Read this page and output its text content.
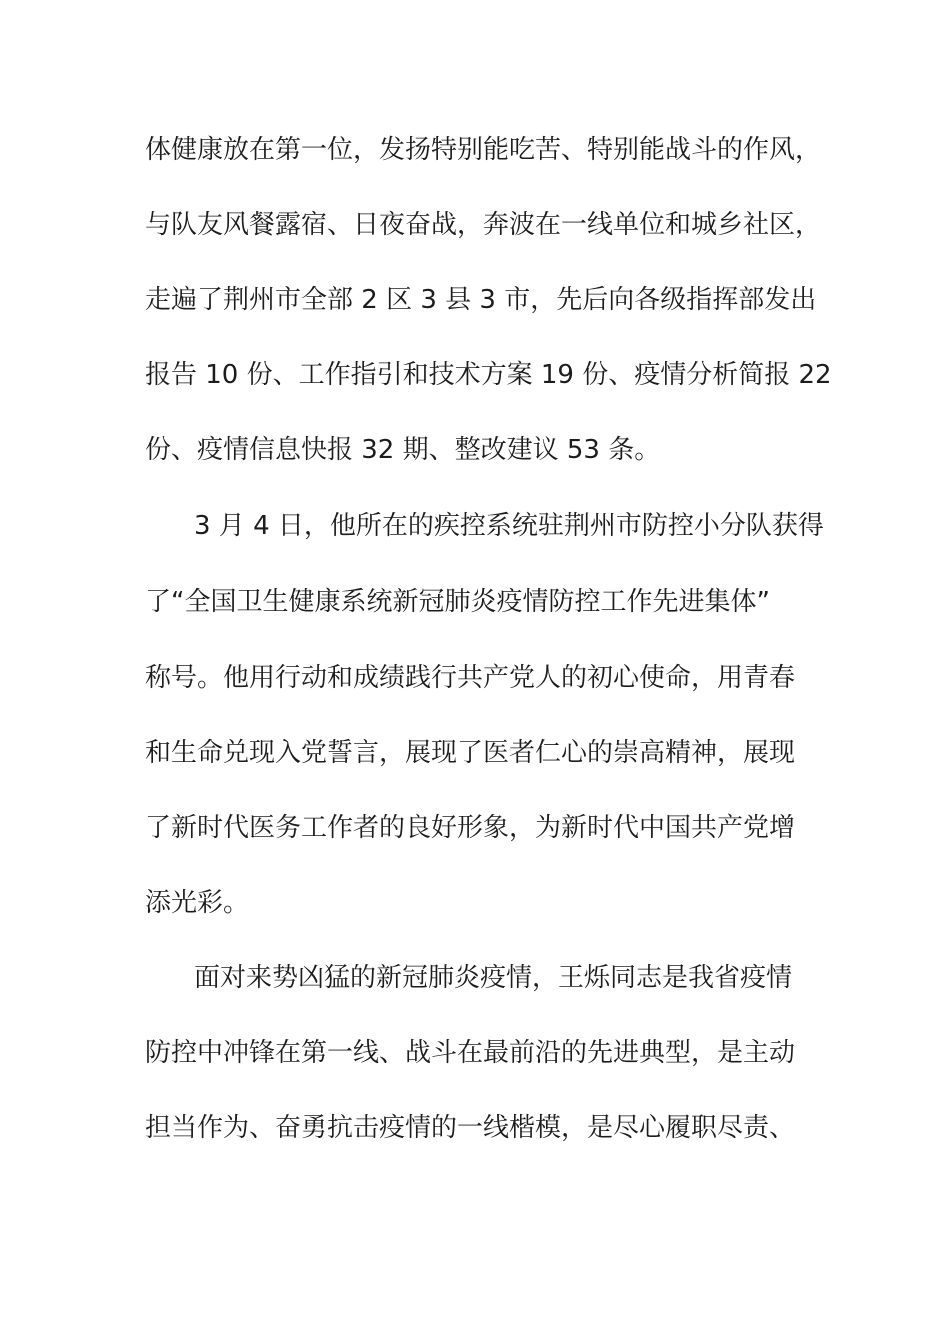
体健康放在第一位，发扬特别能吃苦、特别能战斗的作风，
与队友风餐露宿、日夜奋战，奔波在一线单位和城乡社区，
走遍了荆州市全部 2 区 3 县 3 市，先后向各级指挥部发出
报告 10 份、工作指引和技术方案 19 份、疫情分析简报 22
份、疫情信息快报 32 期、整改建议 53 条。
3 月 4 日，他所在的疾控系统驻荆州市防控小分队获得
了“全国卫生健康系统新冠肺炎疫情防控工作先进集体”
称号。他用行动和成绩践行共产党人的初心使命，用青春
和生命兑现入党誓言，展现了医者仁心的崇高精神，展现
了新时代医务工作者的良好形象，为新时代中国共产党增
添光彩。
面对来势凶猛的新冠肺炎疫情，王烁同志是我省疫情
防控中冲锋在第一线、战斗在最前沿的先进典型，是主动
担当作为、奋勇抗击疫情的一线楷模，是尽心履职尽责、
